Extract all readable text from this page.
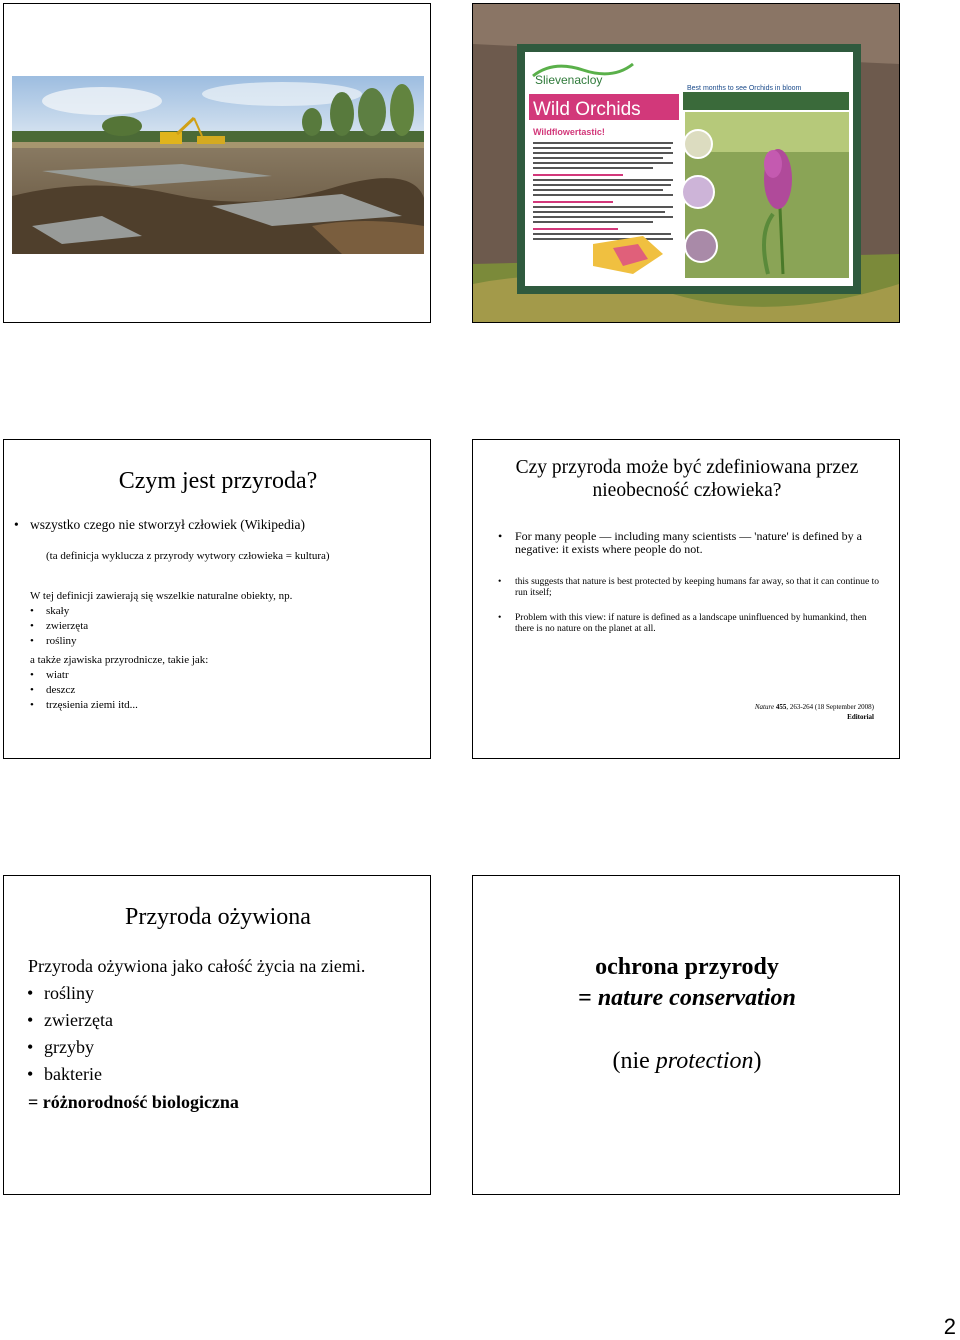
Wild Orchids
Slievenacloy
Wildflowertastic!
Best months to see Orchids in bloom
Czym jest przyroda?
• wszystko czego nie stworzył człowiek (Wikipedia)
(ta definicja wyklucza z przyrody wytwory człowieka = kultura)
W tej definicji zawierają się wszelkie naturalne obiekty, np.
• skały
• zwierzęta
• rośliny
a także zjawiska przyrodnicze, takie jak:
• wiatr
• deszcz
• trzęsienia ziemi itd...
Czy przyroda może być zdefiniowana przez
nieobecność człowieka?
• For many people — including many scientists — 'nature' is defined by a negative: it exists where people do not.
• this suggests that nature is best protected by keeping humans far away, so that it can continue to run itself;
• Problem with this view: if nature is defined as a landscape uninfluenced by humankind, then there is no nature on the planet at all.
Nature 455, 263-264 (18 September 2008)
Editorial
Przyroda ożywiona
Przyroda ożywiona jako całość życia na ziemi.
• rośliny
• zwierzęta
• grzyby
• bakterie
= różnorodność biologiczna
ochrona przyrody
= nature conservation
(nie protection)
2
